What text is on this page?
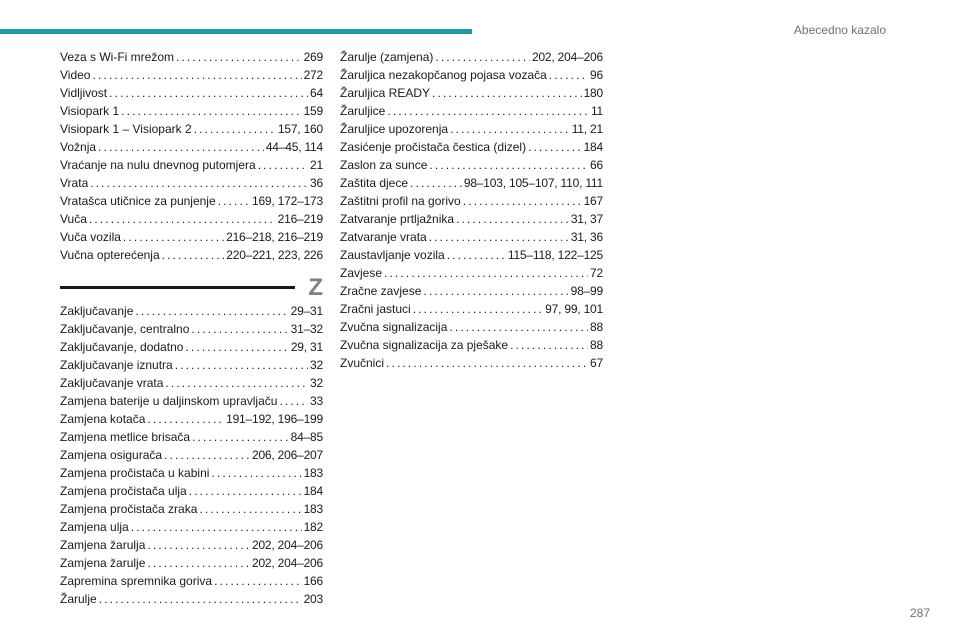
Abecedno kazalo
Veza s Wi-Fi mrežom . . .	269
Video . . .	272
Vidljivost . . .	64
Visiopark 1 . . .	159
Visiopark 1 – Visiopark 2 . . .	157, 160
Vožnja . . .	44–45, 114
Vraćanje na nulu dnevnog putomjera . . .	21
Vrata . . .	36
Vratašca utičnice za punjenje . . .	169, 172–173
Vuča . . .	216–219
Vuča vozila . . .	216–218, 216–219
Vučna opterećenja . . .	220–221, 223, 226
Z
Zaključavanje . . .	29–31
Zaključavanje, centralno . . .	31–32
Zaključavanje, dodatno . . .	29, 31
Zaključavanje iznutra . . .	32
Zaključavanje vrata . . .	32
Zamjena baterije u daljinskom upravljaču . . .	33
Zamjena kotača . . .	191–192, 196–199
Zamjena metlice brisača . . .	84–85
Zamjena osigurača . . .	206, 206–207
Zamjena pročistača u kabini . . .	183
Zamjena pročistača ulja . . .	184
Zamjena pročistača zraka . . .	183
Zamjena ulja . . .	182
Zamjena žarulja . . .	202, 204–206
Zamjena žarulje . . .	202, 204–206
Zapremina spremnika goriva . . .	166
Žarulje . . .	203
Žarulje (zamjena) . . .	202, 204–206
Žaruljica nezakopčanog pojasa vozača . . .	96
Žaruljica READY . . .	180
Žaruljice . . .	11
Žaruljice upozorenja . . .	11, 21
Zasićenje pročistača čestica (dizel) . . .	184
Zaslon za sunce . . .	66
Zaštita djece . . .	98–103, 105–107, 110, 111
Zaštitni profil na gorivo . . .	167
Zatvaranje prtljažnika . . .	31, 37
Zatvaranje vrata . . .	31, 36
Zaustavljanje vozila . . .	115–118, 122–125
Zavjese . . .	72
Zračne zavjese . . .	98–99
Zračni jastuci . . .	97, 99, 101
Zvučna signalizacija . . .	88
Zvučna signalizacija za pješake . . .	88
Zvučnici . . .	67
287
